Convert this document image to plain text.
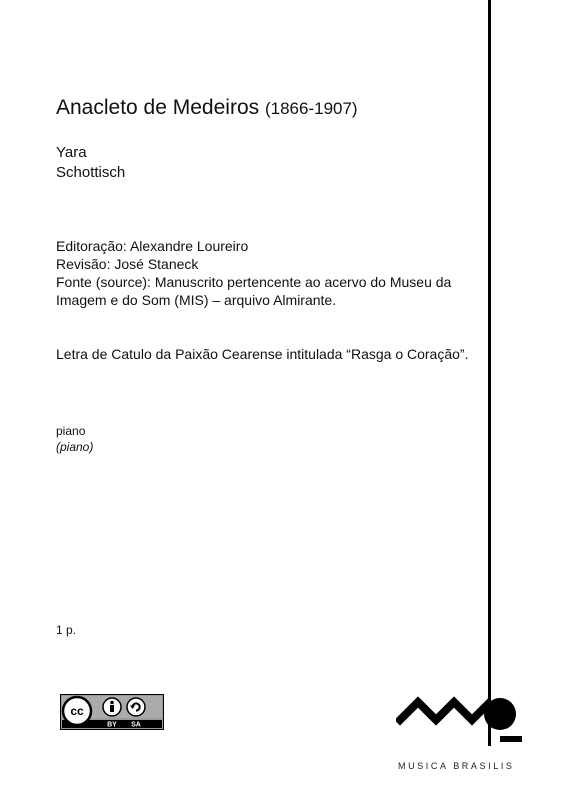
Anacleto de Medeiros (1866-1907)
Yara
Schottisch
Editoração: Alexandre Loureiro
Revisão: José Staneck
Fonte (source): Manuscrito pertencente ao acervo do Museu da Imagem e do Som (MIS) – arquivo Almirante.
Letra de Catulo da Paixão Cearense intitulada “Rasga o Coração”.
piano
(piano)
1 p.
cc
BY SA
MUSICA BRASILIS
